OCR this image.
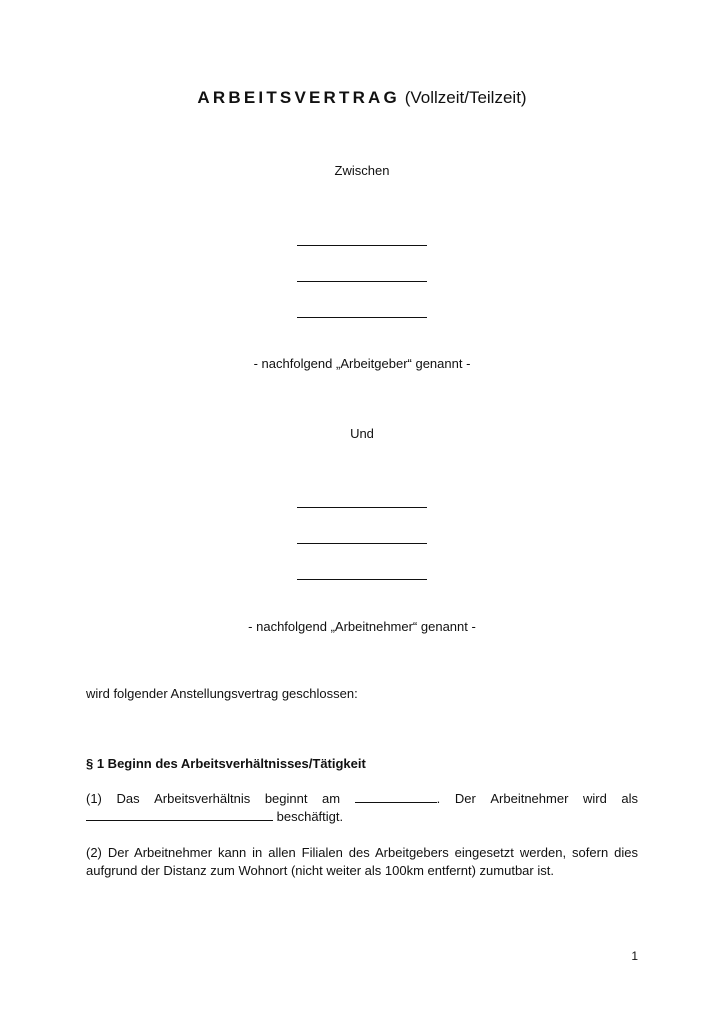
ARBEITSVERTRAG (Vollzeit/Teilzeit)
Zwischen
- nachfolgend „Arbeitgeber“ genannt -
Und
- nachfolgend „Arbeitnehmer“ genannt -
wird folgender Anstellungsvertrag geschlossen:
§ 1 Beginn des Arbeitsverhältnisses/Tätigkeit
(1) Das Arbeitsverhältnis beginnt am	. Der Arbeitnehmer wird als
beschäftigt.
(2) Der Arbeitnehmer kann in allen Filialen des Arbeitgebers eingesetzt werden, sofern dies aufgrund der Distanz zum Wohnort (nicht weiter als 100km entfernt) zumutbar ist.
1
